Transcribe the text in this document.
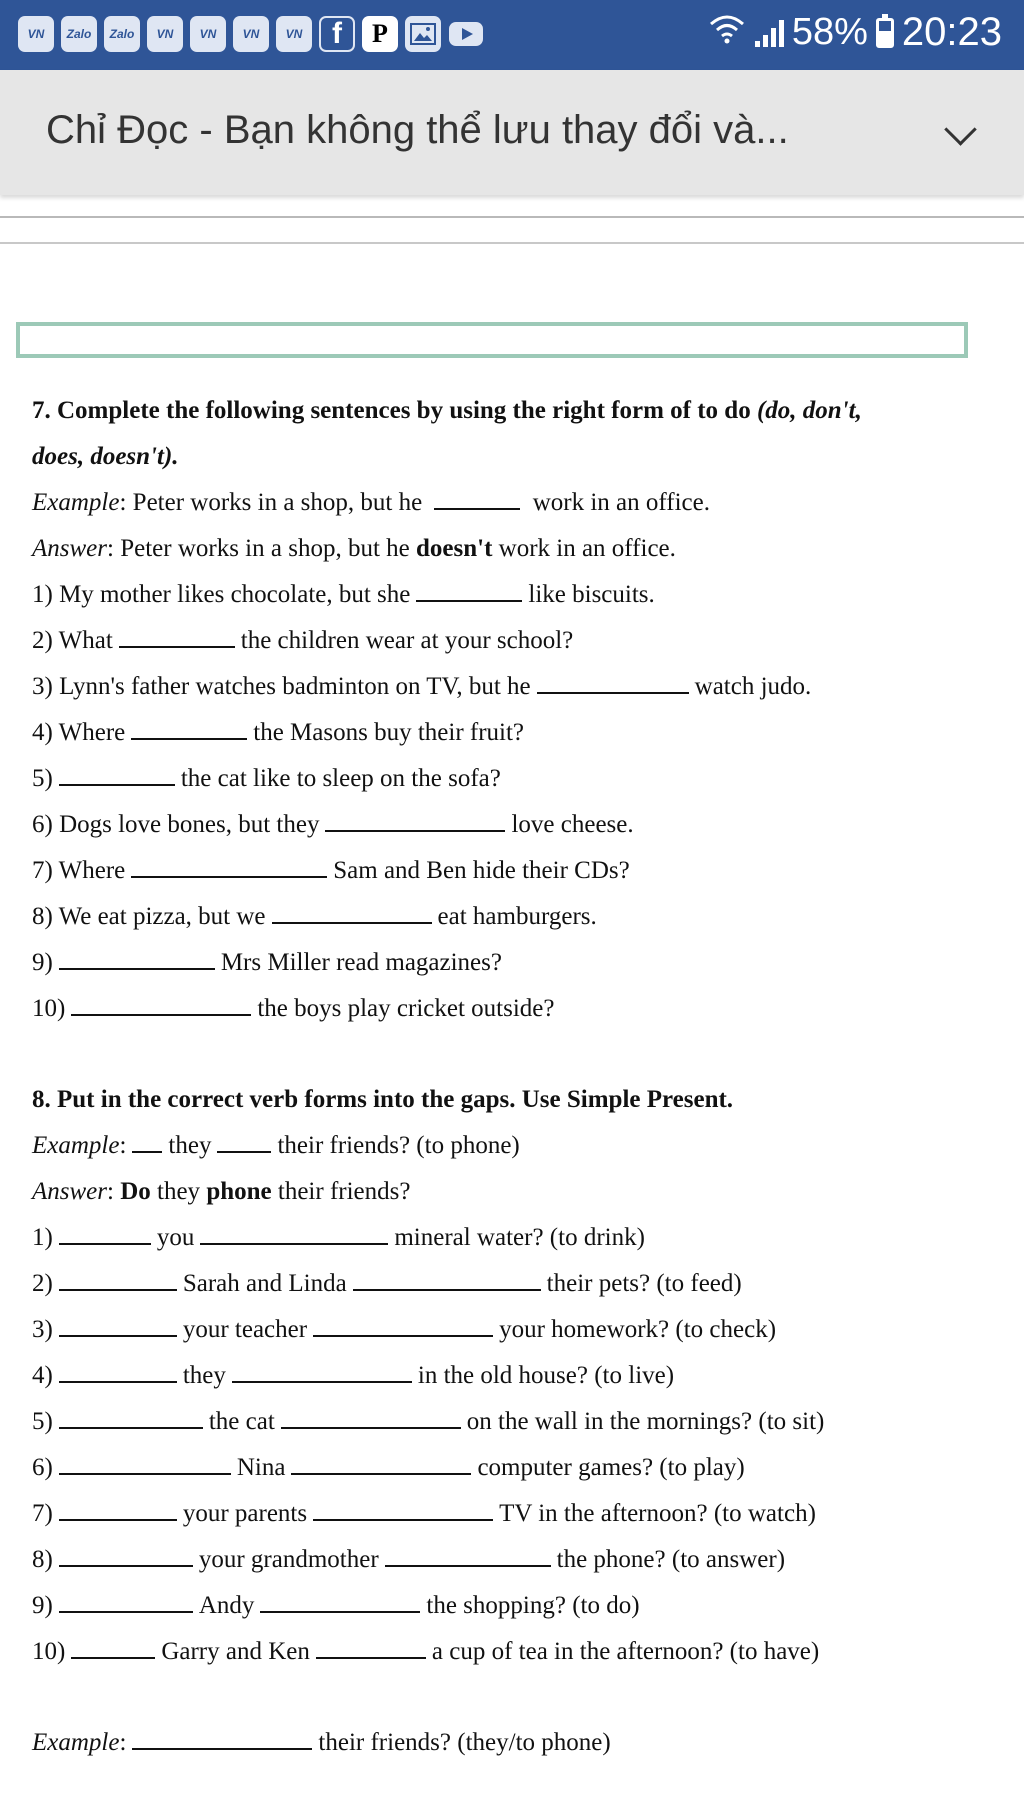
VN	Zalo	Zalo	VN	VN	VN	VN f	P	58% 20:23
Chỉ Đọc - Bạn không thể lưu thay đổi và...
7. Complete the following sentences by using the right form of to do (do, don't,
does, doesn't).
Example: Peter works in a shop, but he	work in an office.
Answer: Peter works in a shop, but he doesn't work in an office.
1) My mother likes chocolate, but she	like biscuits.
2) What	the children wear at your school?
3) Lynn's father watches badminton on TV, but he	watch judo.
4) Where	the Masons buy their fruit?
5)	the cat like to sleep on the sofa?
6) Dogs love bones, but they	love cheese.
7) Where	Sam and Ben hide their CDs?
8) We eat pizza, but we	eat hamburgers.
9)	Mrs Miller read magazines?
10)	the boys play cricket outside?
8. Put in the correct verb forms into the gaps. Use Simple Present.
Example: they	their friends? (to phone)
Answer: Do they phone their friends?
1)	you	mineral water? (to drink)
2)	Sarah and Linda	their pets? (to feed)
3)	your teacher	your homework? (to check)
4)	they	in the old house? (to live)
5)	the cat	on the wall in the mornings? (to sit)
6)	Nina	computer games? (to play)
7)	your parents	TV in the afternoon? (to watch)
8)	your grandmother	the phone? (to answer)
9)	Andy	the shopping? (to do)
10)	Garry and Ken	a cup of tea in the afternoon? (to have)
Example:	their friends? (they/to phone)
